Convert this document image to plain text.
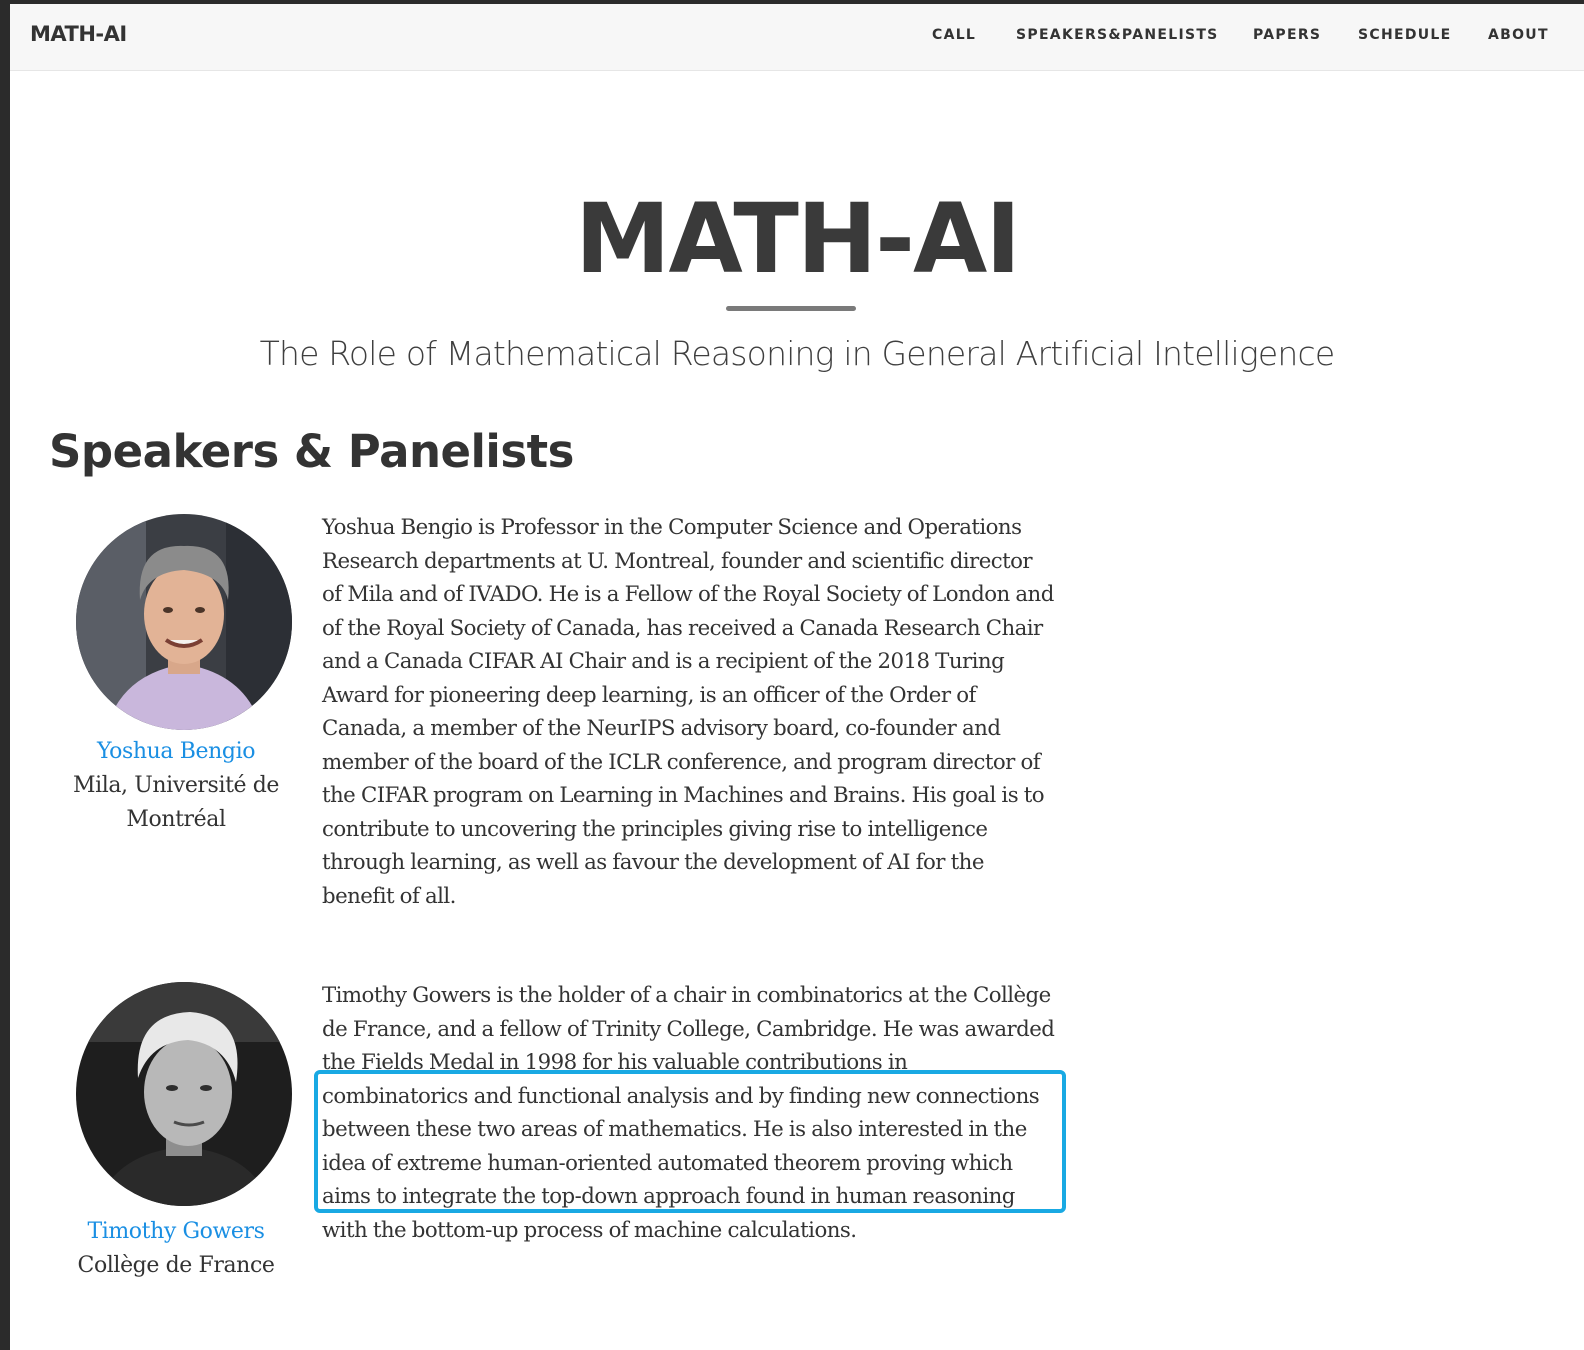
MATH-AI	CALL	SPEAKERS&PANELISTS PAPERS	SCHEDULE	ABOUT
MATH-AI

The Role of Mathematical Reasoning in General Artificial Intelligence

Speakers & Panelists
Yoshua Bengio
Mila, Université de Montréal

Yoshua Bengio is Professor in the Computer Science and Operations Research departments at U. Montreal, founder and scientific director of Mila and of IVADO. He is a Fellow of the Royal Society of London and of the Royal Society of Canada, has received a Canada Research Chair and a Canada CIFAR AI Chair and is a recipient of the 2018 Turing Award for pioneering deep learning, is an officer of the Order of Canada, a member of the NeurIPS advisory board, co-founder and member of the board of the ICLR conference, and program director of the CIFAR program on Learning in Machines and Brains. His goal is to contribute to uncovering the principles giving rise to intelligence through learning, as well as favour the development of AI for the benefit of all.

Timothy Gowers
Collège de France

Timothy Gowers is the holder of a chair in combinatorics at the Collège de France, and a fellow of Trinity College, Cambridge. He was awarded the Fields Medal in 1998 for his valuable contributions in combinatorics and functional analysis and by finding new connections between these two areas of mathematics. He is also interested in the idea of extreme human-oriented automated theorem proving which aims to integrate the top-down approach found in human reasoning with the bottom-up process of machine calculations.
